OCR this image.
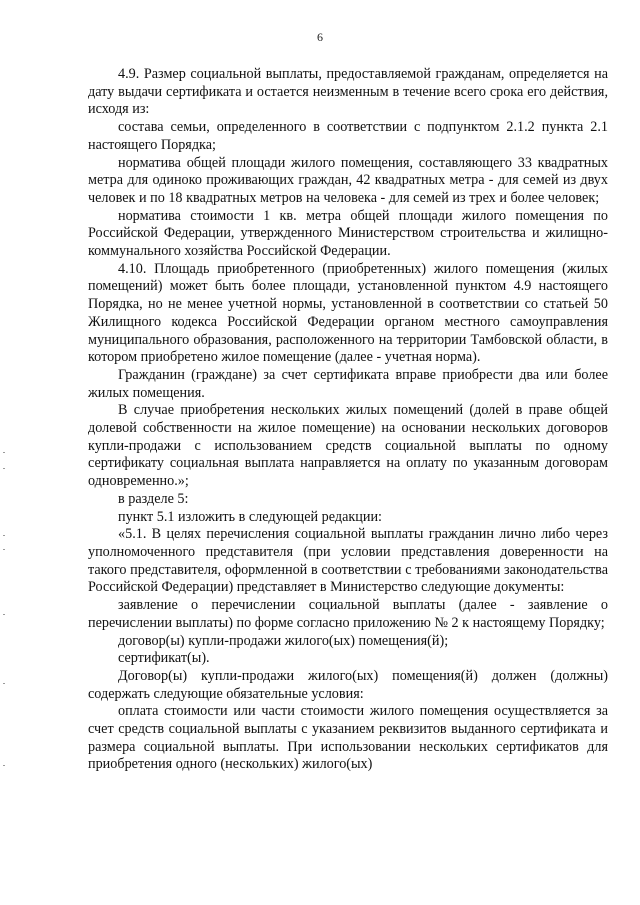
6

4.9. Размер социальной выплаты, предоставляемой гражданам, определяется на дату выдачи сертификата и остается неизменным в течение всего срока его действия, исходя из:

состава семьи, определенного в соответствии с подпунктом 2.1.2 пункта 2.1 настоящего Порядка;

норматива общей площади жилого помещения, составляющего 33 квадратных метра для одиноко проживающих граждан, 42 квадратных метра - для семей из двух человек и по 18 квадратных метров на человека - для семей из трех и более человек;

норматива стоимости 1 кв. метра общей площади жилого помещения по Российской Федерации, утвержденного Министерством строительства и жилищно-коммунального хозяйства Российской Федерации.

4.10. Площадь приобретенного (приобретенных) жилого помещения (жилых помещений) может быть более площади, установленной пунктом 4.9 настоящего Порядка, но не менее учетной нормы, установленной в соответствии со статьей 50 Жилищного кодекса Российской Федерации органом местного самоуправления муниципального образования, расположенного на территории Тамбовской области, в котором приобретено жилое помещение (далее - учетная норма).

Гражданин (граждане) за счет сертификата вправе приобрести два или более жилых помещения.

В случае приобретения нескольких жилых помещений (долей в праве общей долевой собственности на жилое помещение) на основании нескольких договоров купли-продажи с использованием средств социальной выплаты по одному сертификату социальная выплата направляется на оплату по указанным договорам одновременно.»;

в разделе 5:

пункт 5.1 изложить в следующей редакции:

«5.1. В целях перечисления социальной выплаты гражданин лично либо через уполномоченного представителя (при условии представления доверенности на такого представителя, оформленной в соответствии с требованиями законодательства Российской Федерации) представляет в Министерство следующие документы:

заявление о перечислении социальной выплаты (далее - заявление о перечислении выплаты) по форме согласно приложению № 2 к настоящему Порядку;

договор(ы) купли-продажи жилого(ых) помещения(й);

сертификат(ы).

Договор(ы) купли-продажи жилого(ых) помещения(й) должен (должны) содержать следующие обязательные условия:

оплата стоимости или части стоимости жилого помещения осуществляется за счет средств социальной выплаты с указанием реквизитов выданного сертификата и размера социальной выплаты. При использовании нескольких сертификатов для приобретения одного (нескольких) жилого(ых)
